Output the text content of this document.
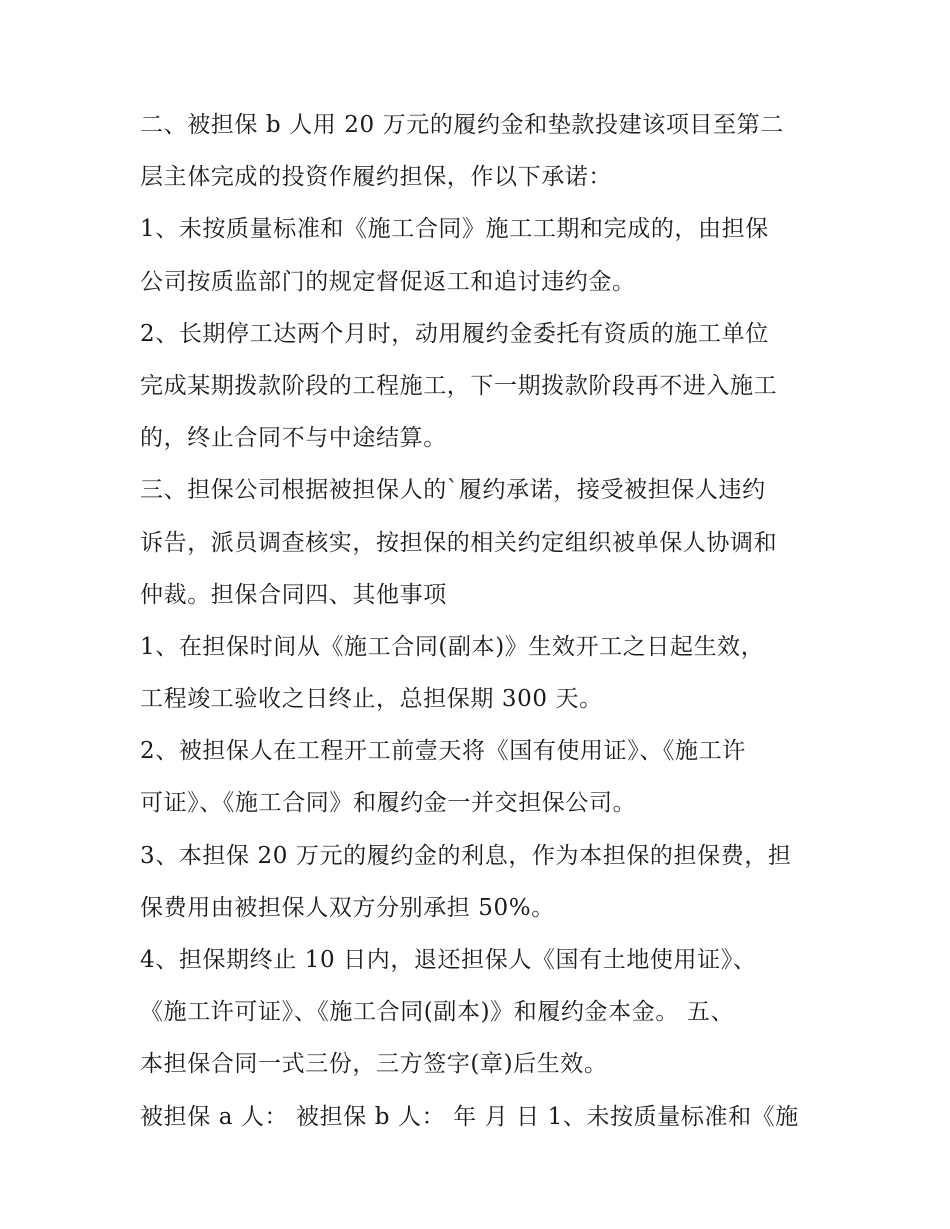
二、被担保 b 人用 20 万元的履约金和垫款投建该项目至第二

层主体完成的投资作履约担保，作以下承诺：

1、未按质量标准和《施工合同》施工工期和完成的，由担保

公司按质监部门的规定督促返工和追讨违约金。

2、长期停工达两个月时，动用履约金委托有资质的施工单位

完成某期拨款阶段的工程施工，下一期拨款阶段再不进入施工

的，终止合同不与中途结算。

三、担保公司根据被担保人的`履约承诺，接受被担保人违约

诉告，派员调查核实，按担保的相关约定组织被单保人协调和

仲裁。担保合同四、其他事项

1、在担保时间从《施工合同(副本)》生效开工之日起生效，

工程竣工验收之日终止，总担保期 300 天。

2、被担保人在工程开工前壹天将《国有使用证》、《施工许

可证》、《施工合同》和履约金一并交担保公司。

3、本担保 20 万元的履约金的利息，作为本担保的担保费，担

保费用由被担保人双方分别承担 50%。

4、担保期终止 10 日内，退还担保人《国有土地使用证》、

《施工许可证》、《施工合同(副本)》和履约金本金。 五、

本担保合同一式三份，三方签字(章)后生效。

被担保 a 人： 被担保 b 人： 年 月 日 1、未按质量标准和《施
